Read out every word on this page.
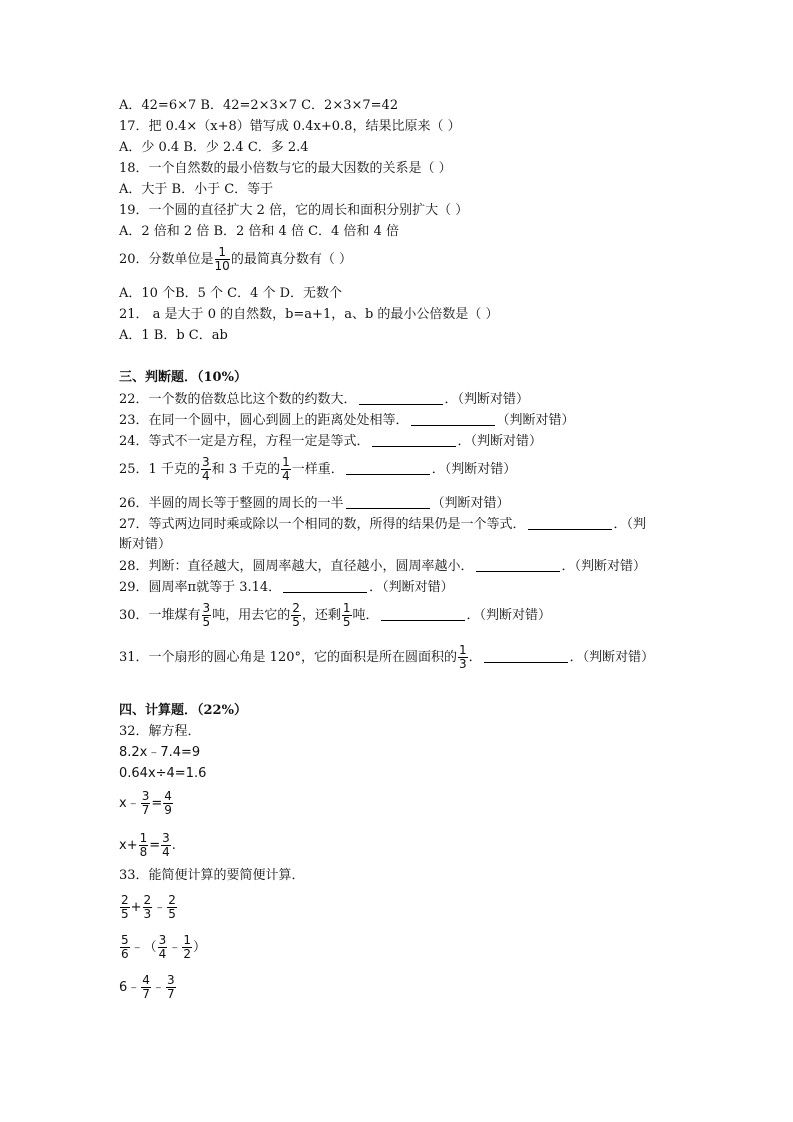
A．42=6×7 B．42=2×3×7 C．2×3×7=42
17．把 0.4×（x+8）错写成 0.4x+0.8，结果比原来（ ）
A．少 0.4 B．少 2.4 C．多 2.4
18．一个自然数的最小倍数与它的最大因数的关系是（ ）
A．大于 B．小于 C．等于
19．一个圆的直径扩大 2 倍，它的周长和面积分别扩大（ ）
A．2 倍和 2 倍 B．2 倍和 4 倍 C．4 倍和 4 倍
20．分数单位是 $\frac{1}{10}$ 的最简真分数有（ ）
A．10 个B．5 个 C．4 个 D．无数个
21． a 是大于 0 的自然数，b=a+1，a、b 的最小公倍数是（ ）
A．1 B．b C．ab
三、判断题．（10%）
22．一个数的倍数总比这个数的约数大．	．（判断对错）
23．在同一个圆中，圆心到圆上的距离处处相等．	（判断对错）
24．等式不一定是方程，方程一定是等式．	．（判断对错）
25．1 千克的 $\frac{3}{4}$ 和 3 千克的 $\frac{1}{4}$ 一样重．	．（判断对错）
26．半圆的周长等于整圆的周长的一半	（判断对错）
27．等式两边同时乘或除以一个相同的数，所得的结果仍是一个等式．	．（判
断对错）
28．判断：直径越大，圆周率越大，直径越小，圆周率越小．	．（判断对错）
29．圆周率π就等于 3.14．	．（判断对错）
30．一堆煤有 $\frac{3}{5}$ 吨，用去它的 $\frac{2}{5}$ ，还剩 $\frac{1}{5}$ 吨．	．（判断对错）
31．一个扇形的圆心角是 120°，它的面积是所在圆面积的 $\frac{1}{3}$ ．	．（判断对错）
四、计算题．（22%）
32．解方程．
8.2x﹣7.4=9
0.64x÷4=1.6
x﹣ $\frac{3}{7} = \frac{4}{9}$
$x+ \frac{1}{8} = \frac{3}{4}$ .
33．能简便计算的要简便计算．
$\frac{2}{5} + \frac{2}{3}$ ﹣ $\frac{2}{5}$
$\frac{5}{6}$ ﹣（ $\frac{3}{4}$ ﹣ $\frac{1}{2}$ ）
6﹣ $\frac{4}{7}$ ﹣ $\frac{3}{7}$
